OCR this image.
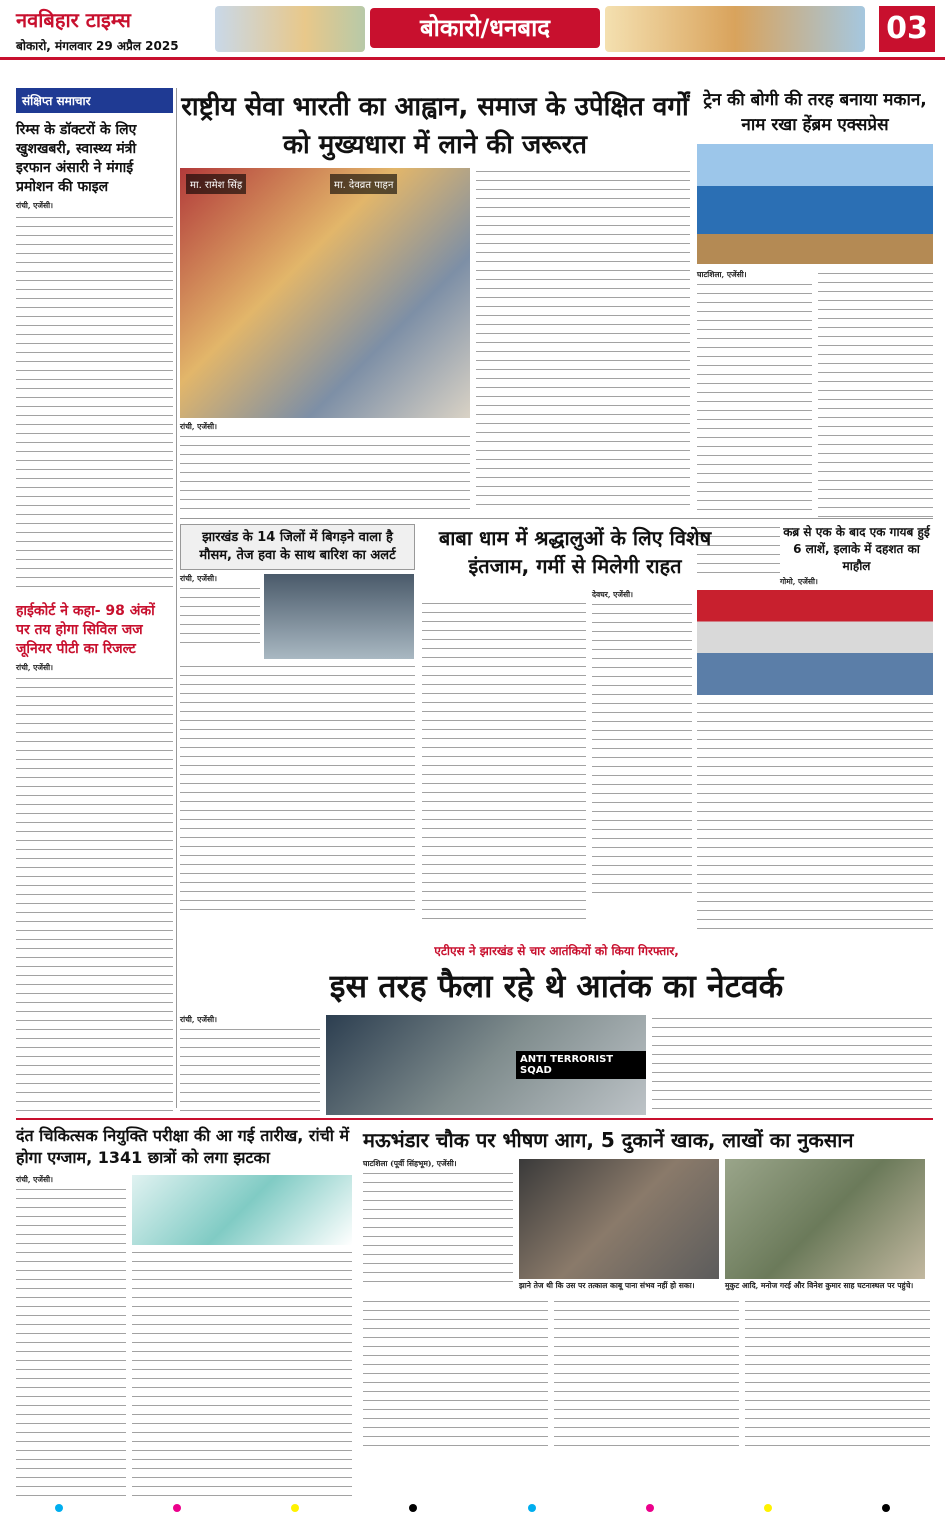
नवबिहार टाइम्स
बोकारो, मंगलवार 29 अप्रैल 2025
बोकारो/धनबाद	03
संक्षिप्त समाचार
रिम्स के डॉक्टरों के लिए खुशखबरी, स्वास्थ्य मंत्री इरफान अंसारी ने मंगाई प्रमोशन की फाइल
रांची, एजेंसी।
हाईकोर्ट ने कहा- 98 अंकों पर तय होगा सिविल जज जूनियर पीटी का रिजल्ट
रांची, एजेंसी।
राष्ट्रीय सेवा भारती का आह्वान, समाज के उपेक्षित वर्गों को मुख्यधारा में लाने की जरूरत
मा. रामेश सिंह	मा. देवव्रत पाहन
रांची, एजेंसी।
ट्रेन की बोगी की तरह बनाया मकान, नाम रखा हेंब्रम एक्सप्रेस
घाटशिला, एजेंसी।
झारखंड के 14 जिलों में बिगड़ने वाला है मौसम, तेज हवा के साथ बारिश का अलर्ट
रांची, एजेंसी।
बाबा धाम में श्रद्धालुओं के लिए विशेष इंतजाम, गर्मी से मिलेगी राहत
देवघर, एजेंसी।
एटीएस ने झारखंड से चार आतंकियों को किया गिरफ्तार,
इस तरह फैला रहे थे आतंक का नेटवर्क
रांची, एजेंसी।
ANTI TERRORIST SQAD
दंत चिकित्सक नियुक्ति परीक्षा की आ गई तारीख, रांची में होगा एग्जाम, 1341 छात्रों को लगा झटका
रांची, एजेंसी।
मऊभंडार चौक पर भीषण आग, 5 दुकानें खाक, लाखों का नुकसान
घाटशिला (पूर्वी सिंहभूम), एजेंसी।
झाने तेज थी कि उस पर तत्काल काबू पाना संभव नहीं हो सका।	मुकुट आदि, मनोज गरई और विनेश कुमार साह घटनास्थल पर पहुंचे।
कब्र से एक के बाद एक गायब हुई 6 लाशें, इलाके में दहशत का माहौल
गोमो, एजेंसी।
